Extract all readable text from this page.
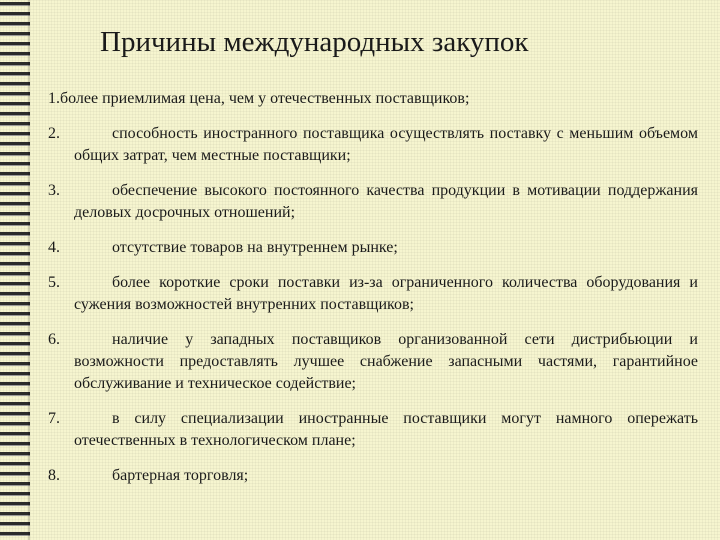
Причины международных закупок

1.более приемлимая цена, чем у отечественных поставщиков;

2.	способность иностранного поставщика осуществлять поставку с меньшим объемом общих затрат, чем местные поставщики;

3.	обеспечение высокого постоянного качества продукции в мотивации поддержания деловых досрочных отношений;

4.	отсутствие товаров на внутреннем рынке;

5.	более короткие сроки поставки из-за ограниченного количества оборудования и сужения возможностей внутренних поставщиков;

6.	наличие у западных поставщиков организованной сети дистрибьюции и возможности предоставлять лучшее снабжение запасными частями, гарантийное обслуживание и техническое содействие;

7.	в силу специализации иностранные поставщики могут намного опережать отечественных в технологическом плане;

8.	бартерная торговля;
